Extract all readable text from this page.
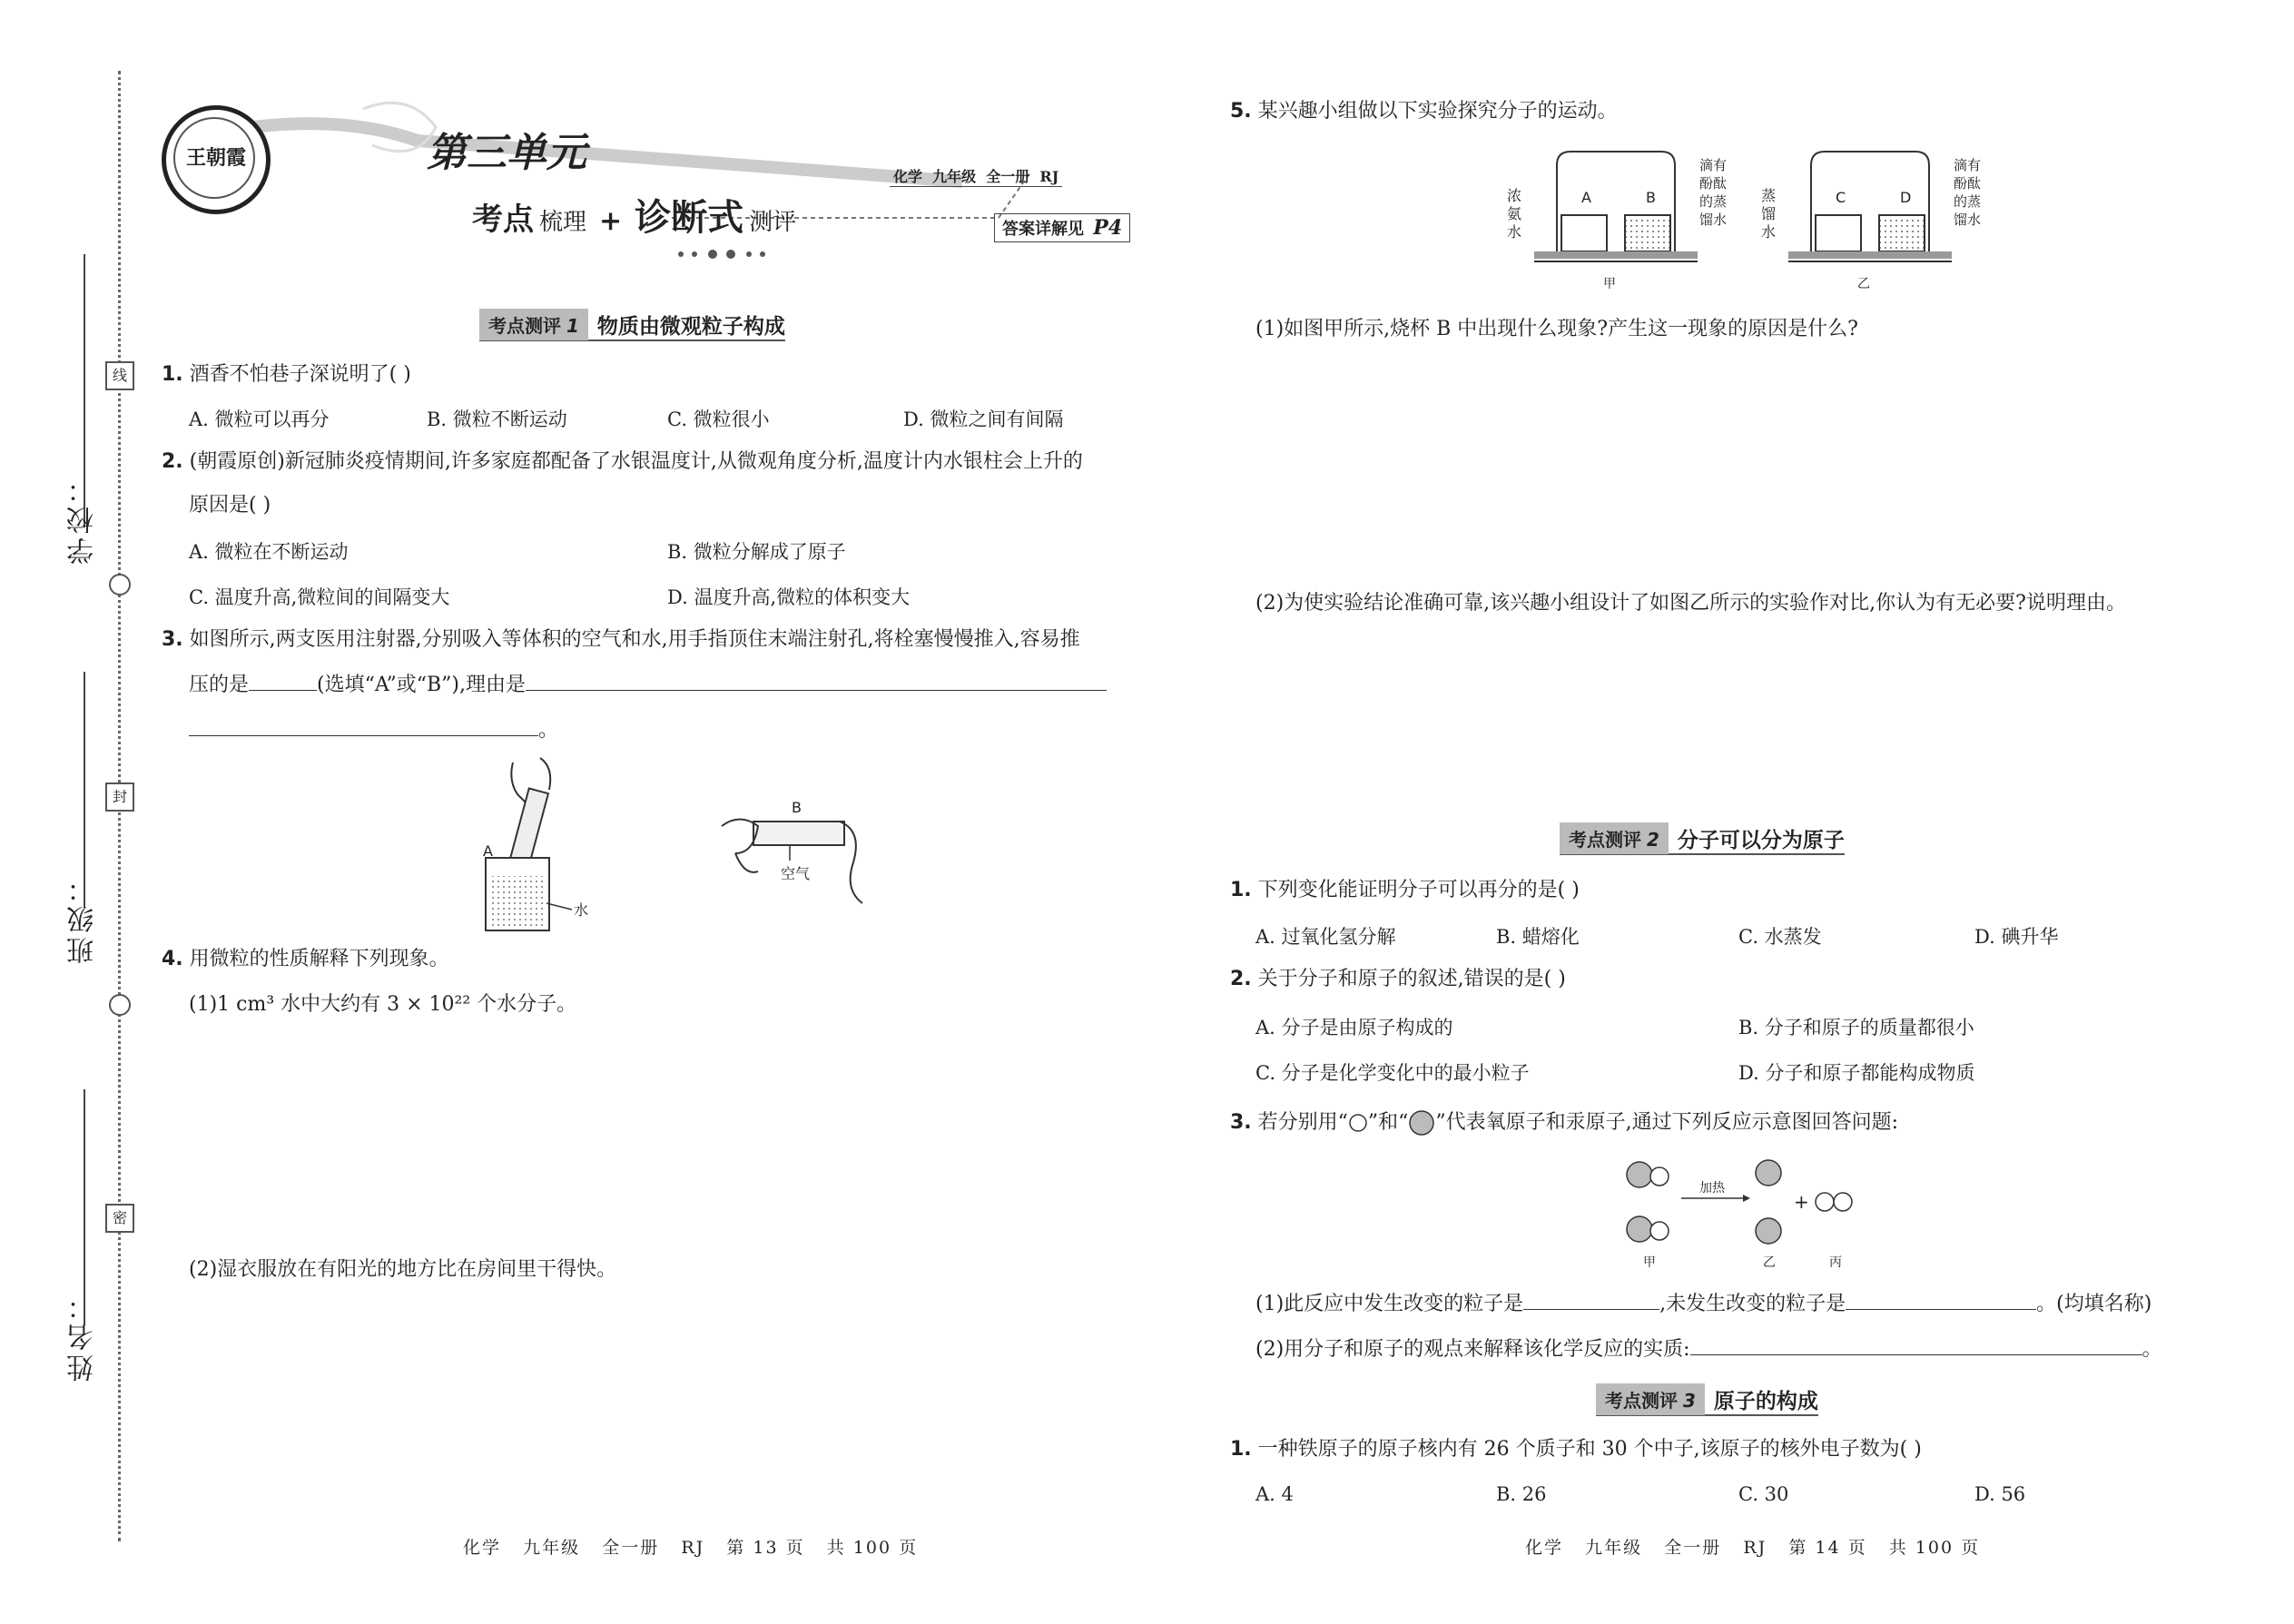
学校：
班级：
姓名：
线
封
密
王朝霞	第三单元
考点 梳理 + 诊断式 测评
化学  九年级  全一册  RJ
答案详解见 P4
考点测评 1 物质由微观粒子构成
1. 酒香不怕巷子深说明了( )
A. 微粒可以再分	B. 微粒不断运动	C. 微粒很小	D. 微粒之间有间隔
2. (朝霞原创)新冠肺炎疫情期间,许多家庭都配备了水银温度计,从微观角度分析,温度计内水银柱会上升的
原因是( )
A. 微粒在不断运动	B. 微粒分解成了原子
C. 温度升高,微粒间的间隔变大	D. 温度升高,微粒的体积变大
3. 如图所示,两支医用注射器,分别吸入等体积的空气和水,用手指顶住末端注射孔,将栓塞慢慢推入,容易推
压的是	(选填“A”或“B”),理由是
。
A
水
B
空气
4. 用微粒的性质解释下列现象。
(1)1 cm³ 水中大约有 3 × 10²² 个水分子。
(2)湿衣服放在有阳光的地方比在房间里干得快。
化学   九年级   全一册   RJ   第 13 页   共 100 页
5. 某兴趣小组做以下实验探究分子的运动。
A	B
浓
氨
水
滴有
酚酞
的蒸
馏水
甲
C	D
蒸
馏
水
滴有
酚酞
的蒸
馏水
乙
(1)如图甲所示,烧杯 B 中出现什么现象?产生这一现象的原因是什么?
(2)为使实验结论准确可靠,该兴趣小组设计了如图乙所示的实验作对比,你认为有无必要?说明理由。
考点测评 2 分子可以分为原子
1. 下列变化能证明分子可以再分的是( )
A. 过氧化氢分解	B. 蜡熔化	C. 水蒸发	D. 碘升华
2. 关于分子和原子的叙述,错误的是( )
A. 分子是由原子构成的	B. 分子和原子的质量都很小
C. 分子是化学变化中的最小粒子	D. 分子和原子都能构成物质
3. 若分别用“ ”和“ ”代表氧原子和汞原子,通过下列反应示意图回答问题:
加热
+
甲	乙	丙
(1)此反应中发生改变的粒子是	,未发生改变的粒子是	。(均填名称)
(2)用分子和原子的观点来解释该化学反应的实质:	。
考点测评 3 原子的构成
1. 一种铁原子的原子核内有 26 个质子和 30 个中子,该原子的核外电子数为( )
A. 4	B. 26	C. 30	D. 56
化学   九年级   全一册   RJ   第 14 页   共 100 页
